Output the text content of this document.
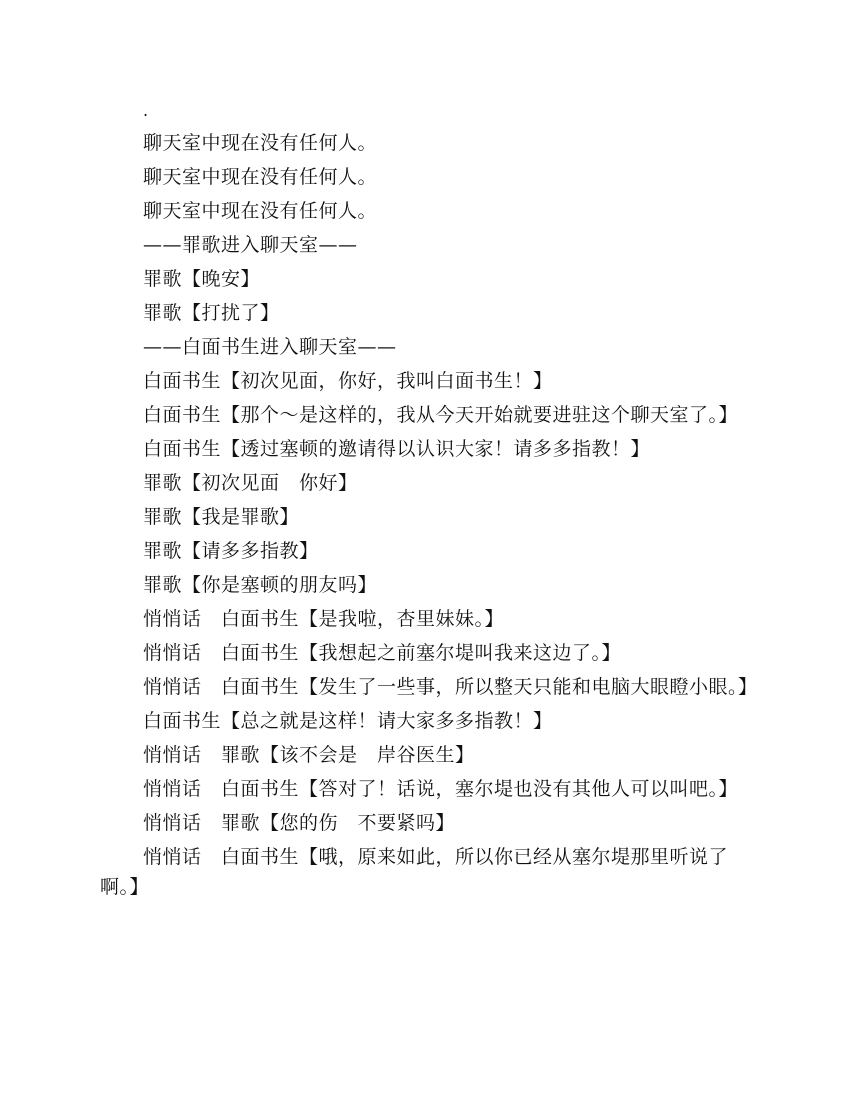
.

聊天室中现在没有任何人。

聊天室中现在没有任何人。

聊天室中现在没有任何人。

——罪歌进入聊天室——

罪歌【晚安】

罪歌【打扰了】

——白面书生进入聊天室——

白面书生【初次见面，你好，我叫白面书生！】

白面书生【那个～是这样的，我从今天开始就要进驻这个聊天室了。】

白面书生【透过塞顿的邀请得以认识大家！请多多指教！】

罪歌【初次见面　你好】

罪歌【我是罪歌】

罪歌【请多多指教】

罪歌【你是塞顿的朋友吗】

悄悄话　白面书生【是我啦，杏里妹妹。】

悄悄话　白面书生【我想起之前塞尔堤叫我来这边了。】

悄悄话　白面书生【发生了一些事，所以整天只能和电脑大眼瞪小眼。】

白面书生【总之就是这样！请大家多多指教！】

悄悄话　罪歌【该不会是　岸谷医生】

悄悄话　白面书生【答对了！话说，塞尔堤也没有其他人可以叫吧。】

悄悄话　罪歌【您的伤　不要紧吗】

悄悄话　白面书生【哦，原来如此，所以你已经从塞尔堤那里听说了啊。】
